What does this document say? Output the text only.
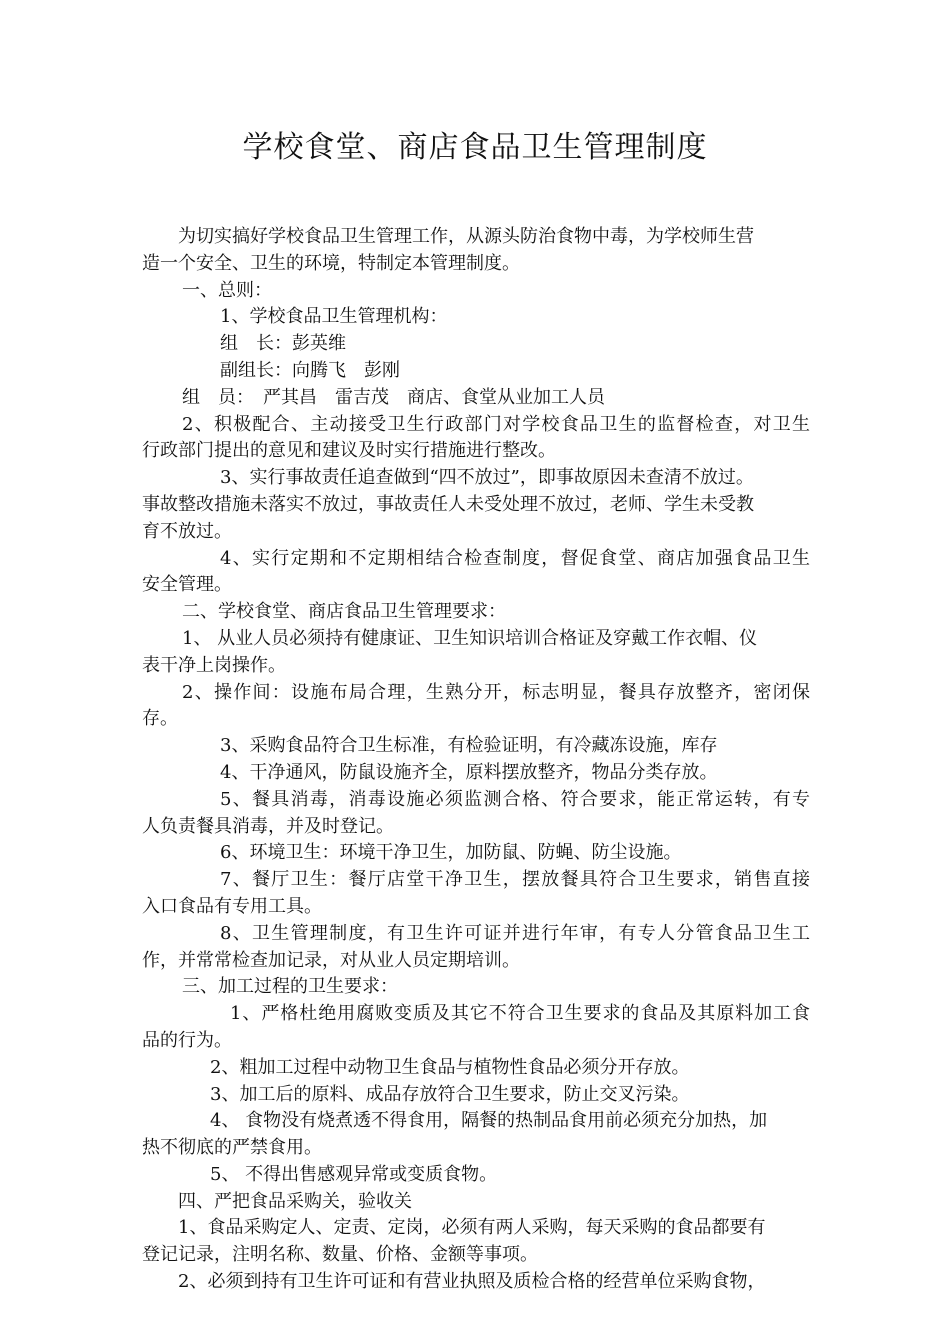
学校食堂、商店食品卫生管理制度

为切实搞好学校食品卫生管理工作，从源头防治食物中毒，为学校师生营

造一个安全、卫生的环境，特制定本管理制度。

一、总则：

1、学校食品卫生管理机构：

组　长：彭英维

副组长：向腾飞　彭刚

组　员：　严其昌　雷吉茂　商店、食堂从业加工人员

2、积极配合、主动接受卫生行政部门对学校食品卫生的监督检查，对卫生

行政部门提出的意见和建议及时实行措施进行整改。

3、实行事故责任追查做到“四不放过”，即事故原因未查清不放过。

事故整改措施未落实不放过，事故责任人未受处理不放过，老师、学生未受教

育不放过。

4、实行定期和不定期相结合检查制度，督促食堂、商店加强食品卫生

安全管理。

二、学校食堂、商店食品卫生管理要求：

1、 从业人员必须持有健康证、卫生知识培训合格证及穿戴工作衣帽、仪

表干净上岗操作。

2、操作间：设施布局合理，生熟分开，标志明显，餐具存放整齐，密闭保

存。

3、采购食品符合卫生标准，有检验证明，有冷藏冻设施，库存

4、干净通风，防鼠设施齐全，原料摆放整齐，物品分类存放。

5、餐具消毒，消毒设施必须监测合格、符合要求，能正常运转，有专

人负责餐具消毒，并及时登记。

6、环境卫生：环境干净卫生，加防鼠、防蝇、防尘设施。

7、餐厅卫生：餐厅店堂干净卫生，摆放餐具符合卫生要求，销售直接

入口食品有专用工具。

8、卫生管理制度，有卫生许可证并进行年审，有专人分管食品卫生工

作，并常常检查加记录，对从业人员定期培训。

三、加工过程的卫生要求：

1、严格杜绝用腐败变质及其它不符合卫生要求的食品及其原料加工食

品的行为。

2、粗加工过程中动物卫生食品与植物性食品必须分开存放。

3、加工后的原料、成品存放符合卫生要求，防止交叉污染。

4、 食物没有烧煮透不得食用，隔餐的热制品食用前必须充分加热，加

热不彻底的严禁食用。

5、 不得出售感观异常或变质食物。

四、严把食品采购关，验收关

1、食品采购定人、定责、定岗，必须有两人采购，每天采购的食品都要有

登记记录，注明名称、数量、价格、金额等事项。

2、必须到持有卫生许可证和有营业执照及质检合格的经营单位采购食物，
